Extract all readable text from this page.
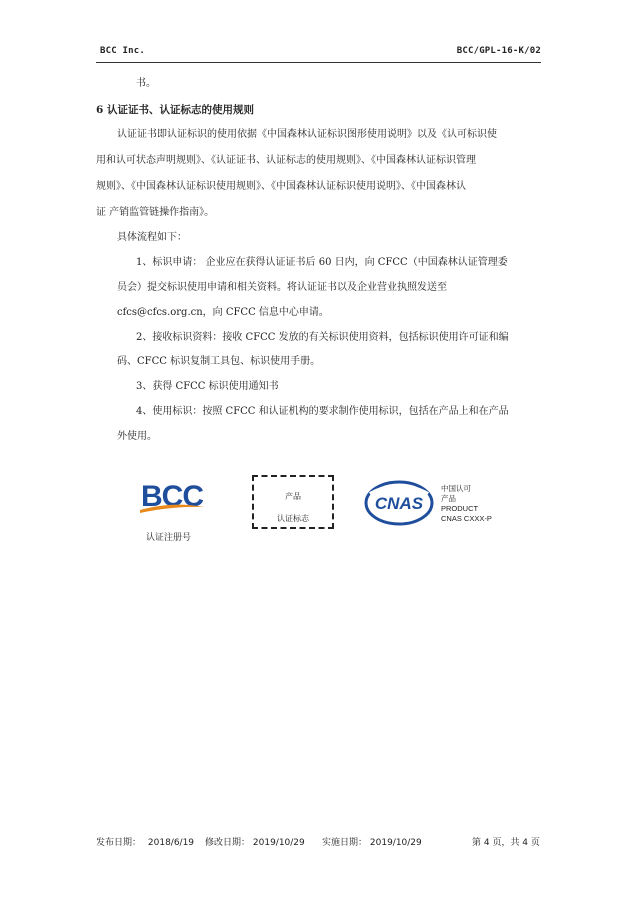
BCC Inc.	BCC/GPL-16-K/02
书。
6 认证证书、认证标志的使用规则
认证证书即认证标识的使用依据《中国森林认证标识图形使用说明》以及《认可标识使
用和认可状态声明规则》、《认证证书、认证标志的使用规则》、《中国森林认证标识管理
规则》、《中国森林认证标识使用规则》、《中国森林认证标识使用说明》、《中国森林认
证 产销监管链操作指南》。
具体流程如下：
1、标识申请： 企业应在获得认证证书后 60 日内，向 CFCC（中国森林认证管理委
员会）提交标识使用申请和相关资料。将认证证书以及企业营业执照发送至
cfcs@cfcs.org.cn，向 CFCC 信息中心申请。
2、接收标识资料：接收 CFCC 发放的有关标识使用资料，包括标识使用许可证和编
码、CFCC 标识复制工具包、标识使用手册。
3、获得 CFCC 标识使用通知书
4、使用标识：按照 CFCC 和认证机构的要求制作使用标识，包括在产品上和在产品
外使用。
BCC
认证注册号
产品
认证标志
CNAS
中国认可
产品
PRODUCT
CNAS CXXX-P
发布日期： 2018/6/19 修改日期： 2019/10/29 实施日期： 2019/10/29	第 4 页，共 4 页
